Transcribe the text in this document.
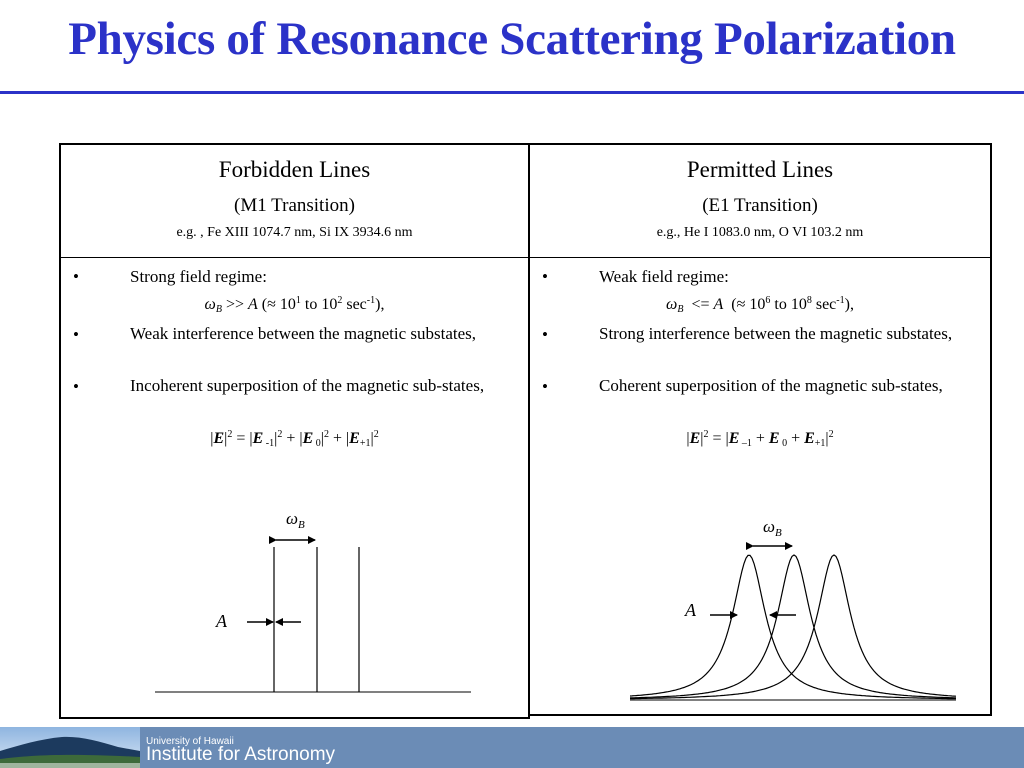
Physics of Resonance Scattering Polarization
Forbidden Lines
(M1 Transition)
e.g. , Fe XIII 1074.7 nm, Si IX 3934.6 nm
•	Strong field regime:
$\omega_B >> A$ (≈ $10^1$ to $10^2$ $\sec^{-1}$),
•	Weak interference between the magnetic substates,
•	Incoherent superposition of the magnetic sub-states,
$|E|^2 = |E$ $_{-1}|^2 + |E$ $_0|^2 + |E_{+1}|^2$
$\omega_B$
A
Permitted Lines
(E1 Transition)
e.g., He I 1083.0 nm, O VI 103.2 nm
•	Weak field regime:
$\omega_B <= A$  (≈ $10^6$ to $10^8$ $\sec^{-1}$),
•	Strong interference between the magnetic substates,
•	Coherent superposition of the magnetic sub-states,
$|E|^2 = |E$ $_{-1}$ + E $_0 + E_{+1}|^2$
$\omega_B$
A
University of Hawaii
Institute for Astronomy
